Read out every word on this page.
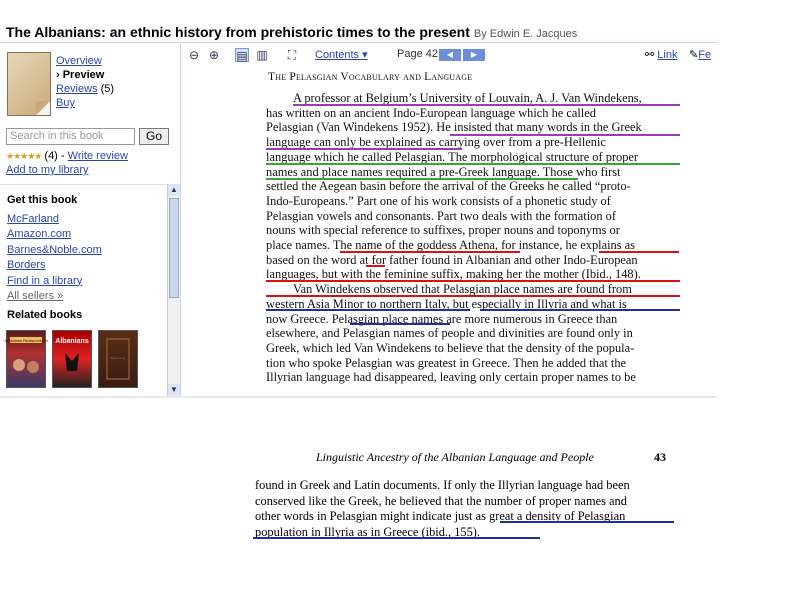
The Albanians: an ethnic history from prehistoric times to the present By Edwin E. Jacques
Overview
› Preview
Reviews (5)
Buy
Search in this book	Go
★★★★★ (4) - Write review
Add to my library
Get this book
McFarland
Amazon.com
Barnes&Noble.com
Borders
Find in a library
All sellers »
Related books
Albanians Rediscovered Albanians
Book cover
▲
▼
⊖ ⊕ ▤ ▥ ⛶ Contents ▾	Page 42	◀	▶	⚯ Link ✎Fe
The Pelasgian Vocabulary and Language
A professor at Belgium’s University of Louvain, A. J. Van Windekens,
has written on an ancient Indo-European language which he called
Pelasgian (Van Windekens 1952). He insisted that many words in the Greek
language can only be explained as carrying over from a pre-Hellenic
language which he called Pelasgian. The morphological structure of proper
names and place names required a pre-Greek language. Those who first
settled the Aegean basin before the arrival of the Greeks he called “proto-
Indo-Europeans.” Part one of his work consists of a phonetic study of
Pelasgian vowels and consonants. Part two deals with the formation of
nouns with special reference to suffixes, proper nouns and toponyms or
place names. The name of the goddess Athena, for instance, he explains as
based on the word at for father found in Albanian and other Indo-European
languages, but with the feminine suffix, making her the mother (Ibid., 148).
Van Windekens observed that Pelasgian place names are found from
western Asia Minor to northern Italy, but especially in Illyria and what is
now Greece. Pelasgian place names are more numerous in Greece than
elsewhere, and Pelasgian names of people and divinities are found only in
Greek, which led Van Windekens to believe that the density of the popula-
tion who spoke Pelasgian was greatest in Greece. Then he added that the
Illyrian language had disappeared, leaving only certain proper names to be
Linguistic Ancestry of the Albanian Language and People	43
found in Greek and Latin documents. If only the Illyrian language had been
conserved like the Greek, he believed that the number of proper names and
other words in Pelasgian might indicate just as great a density of Pelasgian
population in Illyria as in Greece (ibid., 155).
